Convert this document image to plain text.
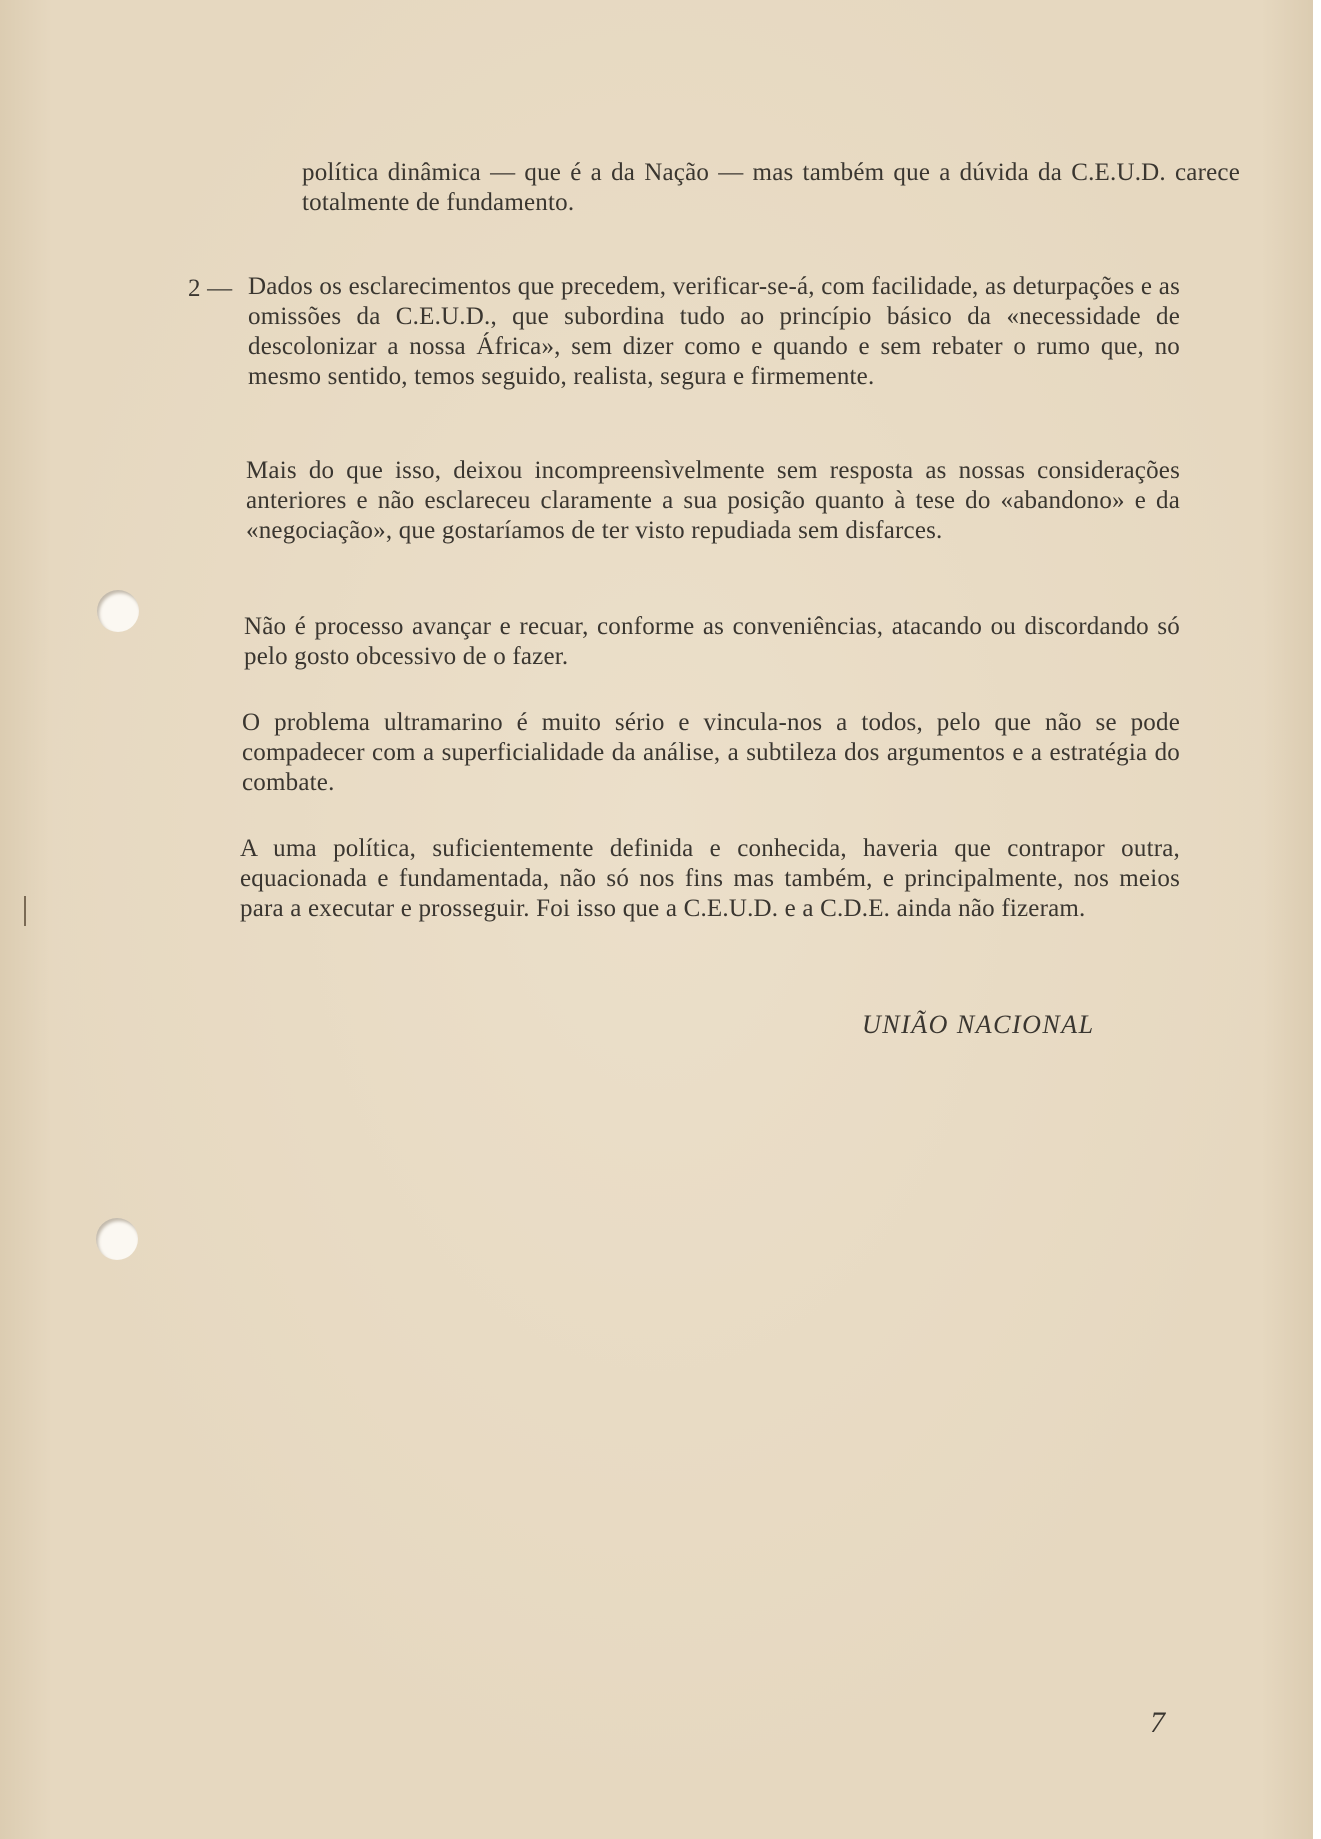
política dinâmica — que é a da Nação — mas também que a dúvida da C.E.U.D. carece totalmente de fundamento.

2 — Dados os esclarecimentos que precedem, verificar-se-á, com facilidade, as deturpações e as omissões da C.E.U.D., que subordina tudo ao princípio básico da «necessidade de descolonizar a nossa África», sem dizer como e quando e sem rebater o rumo que, no mesmo sentido, temos seguido, realista, segura e firmemente.

Mais do que isso, deixou incompreensìvelmente sem resposta as nossas considerações anteriores e não esclareceu claramente a sua posição quanto à tese do «abandono» e da «negociação», que gostaríamos de ter visto repudiada sem disfarces.

Não é processo avançar e recuar, conforme as conveniências, atacando ou discordando só pelo gosto obcessivo de o fazer.

O problema ultramarino é muito sério e vincula-nos a todos, pelo que não se pode compadecer com a superficialidade da análise, a subtileza dos argumentos e a estratégia do combate.

A uma política, suficientemente definida e conhecida, haveria que contrapor outra, equacionada e fundamentada, não só nos fins mas também, e principalmente, nos meios para a executar e prosseguir. Foi isso que a C.E.U.D. e a C.D.E. ainda não fizeram.

UNIÃO NACIONAL
7
